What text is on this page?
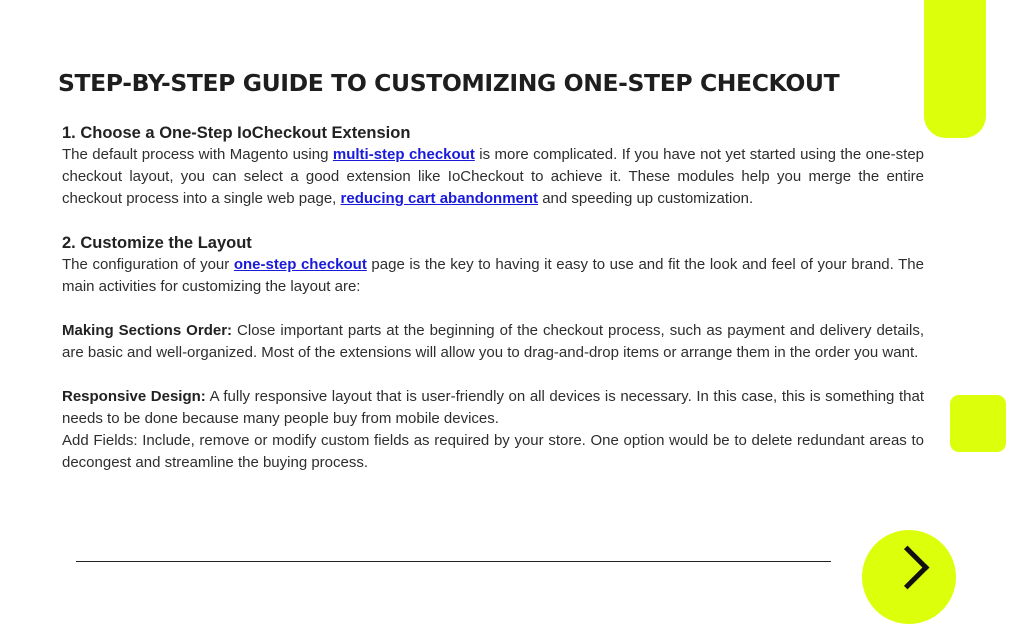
STEP-BY-STEP GUIDE TO CUSTOMIZING ONE-STEP CHECKOUT
1. Choose a One-Step IoCheckout Extension

The default process with Magento using multi-step checkout is more complicated. If you have not yet started using the one-step checkout layout, you can select a good extension like IoCheckout to achieve it. These modules help you merge the entire checkout process into a single web page, reducing cart abandonment and speeding up customization.

2. Customize the Layout

The configuration of your one-step checkout page is the key to having it easy to use and fit the look and feel of your brand. The main activities for customizing the layout are:

Making Sections Order: Close important parts at the beginning of the checkout process, such as payment and delivery details, are basic and well-organized. Most of the extensions will allow you to drag-and-drop items or arrange them in the order you want.

Responsive Design: A fully responsive layout that is user-friendly on all devices is necessary. In this case, this is something that needs to be done because many people buy from mobile devices.

Add Fields: Include, remove or modify custom fields as required by your store. One option would be to delete redundant areas to decongest and streamline the buying process.
